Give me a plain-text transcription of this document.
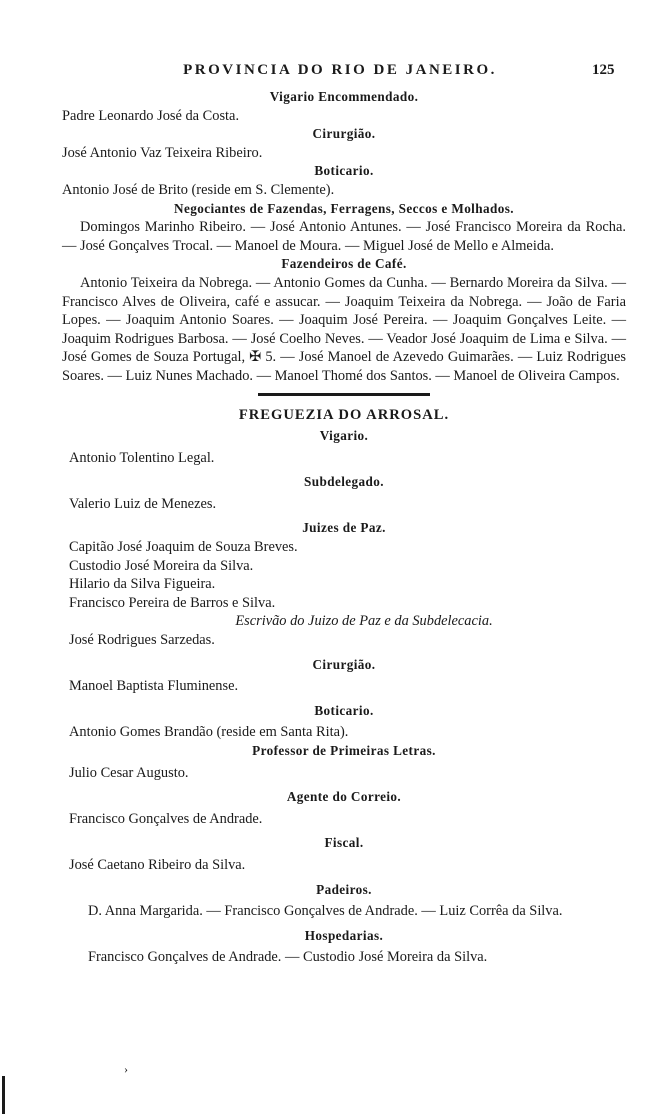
PROVINCIA DO RIO DE JANEIRO.	125
Vigario Encommendado.
Padre Leonardo José da Costa.
Cirurgião.
José Antonio Vaz Teixeira Ribeiro.
Boticario.
Antonio José de Brito (reside em S. Clemente).
Negociantes de Fazendas, Ferragens, Seccos e Molhados.
Domingos Marinho Ribeiro. — José Antonio Antunes. — José Francisco Moreira da Rocha. — José Gonçalves Trocal. — Manoel de Moura. — Miguel José de Mello e Almeida.
Fazendeiros de Café.
Antonio Teixeira da Nobrega. — Antonio Gomes da Cunha. — Bernardo Moreira da Silva. — Francisco Alves de Oliveira, café e assucar. — Joaquim Teixeira da Nobrega. — João de Faria Lopes. — Joaquim Antonio Soares. — Joaquim José Pereira. — Joaquim Gonçalves Leite. — Joaquim Rodrigues Barbosa. — José Coelho Neves. — Veador José Joaquim de Lima e Silva. — José Gomes de Souza Portugal, ✠ 5. — José Manoel de Azevedo Guimarães. — Luiz Rodrigues Soares. — Luiz Nunes Machado. — Manoel Thomé dos Santos. — Manoel de Oliveira Campos.
FREGUEZIA DO ARROSAL.
Vigario.
Antonio Tolentino Legal.
Subdelegado.
Valerio Luiz de Menezes.
Juizes de Paz.
Capitão José Joaquim de Souza Breves.
Custodio José Moreira da Silva.
Hilario da Silva Figueira.
Francisco Pereira de Barros e Silva.
Escrivão do Juizo de Paz e da Subdelecacia.
José Rodrigues Sarzedas.
Cirurgião.
Manoel Baptista Fluminense.
Boticario.
Antonio Gomes Brandão (reside em Santa Rita).
Professor de Primeiras Letras.
Julio Cesar Augusto.
Agente do Correio.
Francisco Gonçalves de Andrade.
Fiscal.
José Caetano Ribeiro da Silva.
Padeiros.
D. Anna Margarida. — Francisco Gonçalves de Andrade. — Luiz Corrêa da Silva.
Hospedarias.
Francisco Gonçalves de Andrade. — Custodio José Moreira da Silva.
›
